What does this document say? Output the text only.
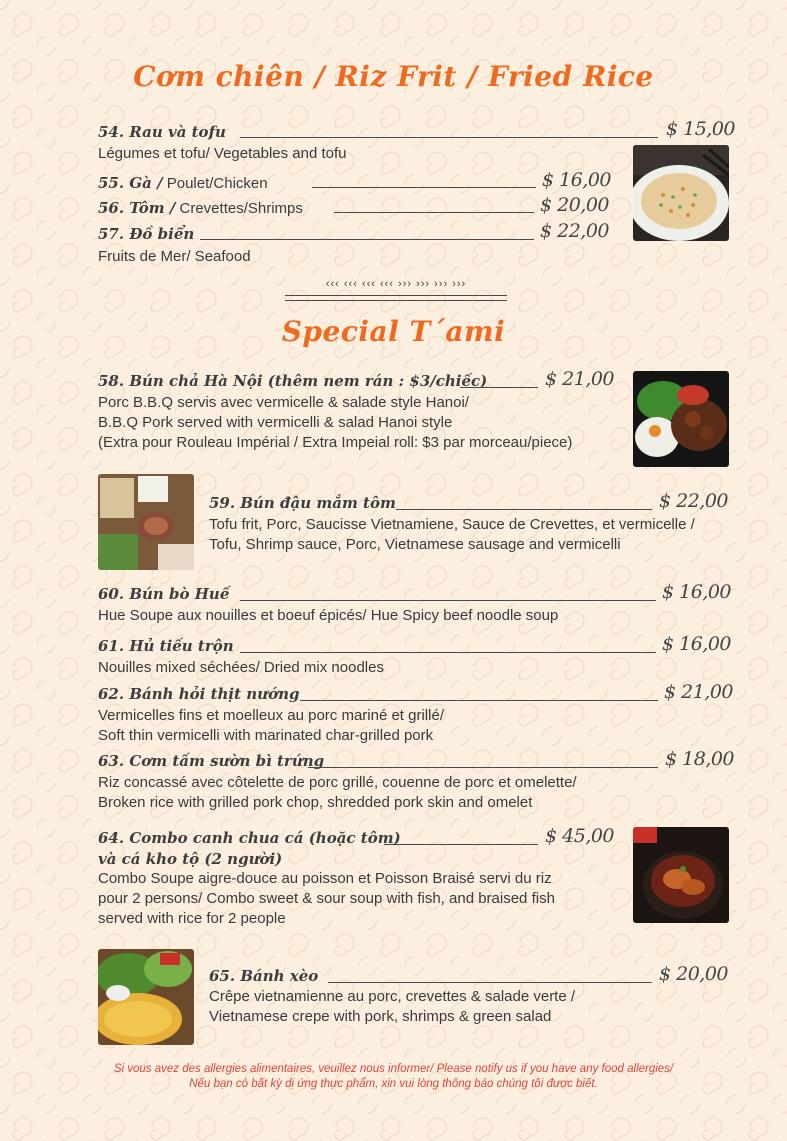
Cơm chiên / Riz Frit / Fried Rice
54. Rau và tofu	$ 15,00
Légumes et tofu/ Vegetables and tofu
55. Gà / Poulet/Chicken	$ 16,00
56. Tôm / Crevettes/Shrimps	$ 20,00
57. Đồ biển	$ 22,00
Fruits de Mer/ Seafood
‹‹‹ ‹‹‹ ‹‹‹ ‹‹‹ ››› ››› ››› ›››
Special T´ami
58. Bún chả Hà Nội (thêm nem rán : $3/chiếc)	$ 21,00
Porc B.B.Q servis avec vermicelle & salade style Hanoi/
B.B.Q Pork served with vermicelli & salad Hanoi style
(Extra pour Rouleau Impérial / Extra Impeial roll: $3 par morceau/piece)
59. Bún đậu mắm tôm	$ 22,00
Tofu frit, Porc, Saucisse Vietnamiene, Sauce de Crevettes, et vermicelle /
Tofu, Shrimp sauce, Porc, Vietnamese sausage and vermicelli
60. Bún bò Huế	$ 16,00
Hue Soupe aux nouilles et boeuf épicés/ Hue Spicy beef noodle soup
61. Hủ tiếu trộn	$ 16,00
Nouilles mixed séchées/ Dried mix noodles
62. Bánh hỏi thịt nướng	$ 21,00
Vermicelles fins et moelleux au porc mariné et grillé/
Soft thin vermicelli with marinated char-grilled pork
63. Cơm tấm sườn bì trứng	$ 18,00
Riz concassé avec côtelette de porc grillé, couenne de porc et omelette/
Broken rice with grilled pork chop, shredded pork skin and omelet
64. Combo canh chua cá (hoặc tôm)
và cá kho tộ (2 người)
$ 45,00
Combo Soupe aigre-douce au poisson et Poisson Braisé servi du riz
pour 2 persons/ Combo sweet & sour soup with fish, and braised fish
served with rice for 2 people
65. Bánh xèo	$ 20,00
Crêpe vietnamienne au porc, crevettes & salade verte /
Vietnamese crepe with pork, shrimps & green salad
Si vous avez des allergies alimentaires, veuillez nous informer/ Please notify us if you have any food allergies/
Nếu bạn có bất kỳ dị ứng thực phẩm, xin vui lòng thông báo chúng tôi được biết.
